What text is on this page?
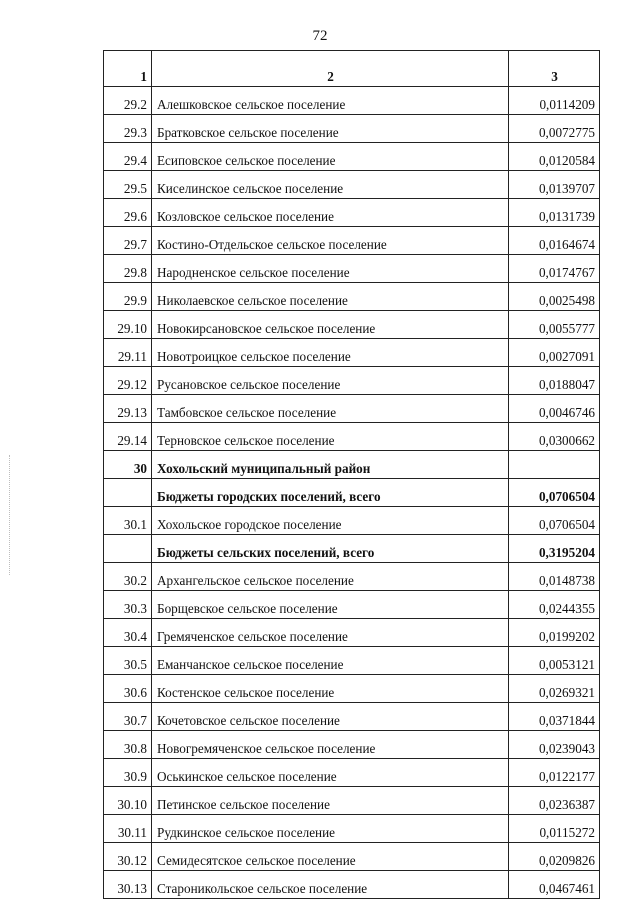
72
1	2	3
29.2	Алешковское сельское поселение	0,0114209
29.3	Братковское сельское поселение	0,0072775
29.4	Есиповское сельское поселение	0,0120584
29.5	Киселинское сельское поселение	0,0139707
29.6	Козловское сельское поселение	0,0131739
29.7	Костино-Отдельское сельское поселение	0,0164674
29.8	Народненское сельское поселение	0,0174767
29.9	Николаевское сельское поселение	0,0025498
29.10	Новокирсановское сельское поселение	0,0055777
29.11	Новотроицкое сельское поселение	0,0027091
29.12	Русановское сельское поселение	0,0188047
29.13	Тамбовское сельское поселение	0,0046746
29.14	Терновское сельское поселение	0,0300662
30	Хохольский муниципальный район	
	Бюджеты городских поселений, всего	0,0706504
30.1	Хохольское городское поселение	0,0706504
	Бюджеты сельских поселений, всего	0,3195204
30.2	Архангельское сельское поселение	0,0148738
30.3	Борщевское сельское поселение	0,0244355
30.4	Гремяченское сельское поселение	0,0199202
30.5	Еманчанское сельское поселение	0,0053121
30.6	Костенское сельское поселение	0,0269321
30.7	Кочетовское сельское поселение	0,0371844
30.8	Новогремяченское сельское поселение	0,0239043
30.9	Оськинское сельское поселение	0,0122177
30.10	Петинское сельское поселение	0,0236387
30.11	Рудкинское сельское поселение	0,0115272
30.12	Семидесятское сельское поселение	0,0209826
30.13	Староникольское сельское поселение	0,0467461
